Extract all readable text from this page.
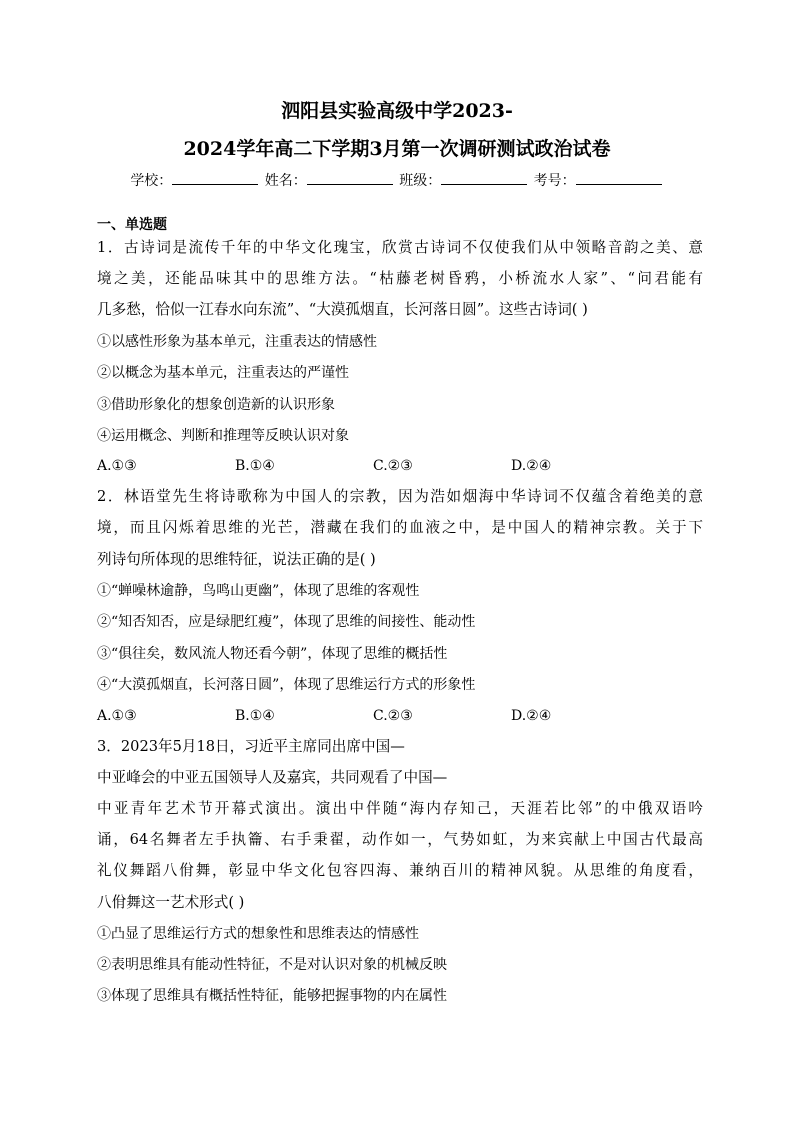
泗阳县实验高级中学2023-
2024学年高二下学期3月第一次调研测试政治试卷
学校：	姓名：	班级：	考号：
一、单选题
1．古诗词是流传千年的中华文化瑰宝，欣赏古诗词不仅使我们从中领略音韵之美、意
境之美，还能品味其中的思维方法。“枯藤老树昏鸦，小桥流水人家”、“问君能有
几多愁，恰似一江春水向东流”、“大漠孤烟直，长河落日圆”。这些古诗词( )
①以感性形象为基本单元，注重表达的情感性
②以概念为基本单元，注重表达的严谨性
③借助形象化的想象创造新的认识形象
④运用概念、判断和推理等反映认识对象
A.①③	B.①④	C.②③	D.②④
2．林语堂先生将诗歌称为中国人的宗教，因为浩如烟海中华诗词不仅蕴含着绝美的意
境，而且闪烁着思维的光芒，潜藏在我们的血液之中，是中国人的精神宗教。关于下
列诗句所体现的思维特征，说法正确的是( )
①“蝉噪林逾静，鸟鸣山更幽”，体现了思维的客观性
②“知否知否，应是绿肥红瘦”，体现了思维的间接性、能动性
③“俱往矣，数风流人物还看今朝”，体现了思维的概括性
④“大漠孤烟直，长河落日圆”，体现了思维运行方式的形象性
A.①③	B.①④	C.②③	D.②④
3．2023年5月18日，习近平主席同出席中国—
中亚峰会的中亚五国领导人及嘉宾，共同观看了中国—
中亚青年艺术节开幕式演出。演出中伴随“海内存知己，天涯若比邻”的中俄双语吟
诵，64名舞者左手执籥、右手秉翟，动作如一，气势如虹，为来宾献上中国古代最高
礼仪舞蹈八佾舞，彰显中华文化包容四海、兼纳百川的精神风貌。从思维的角度看，
八佾舞这一艺术形式( )
①凸显了思维运行方式的想象性和思维表达的情感性
②表明思维具有能动性特征，不是对认识对象的机械反映
③体现了思维具有概括性特征，能够把握事物的内在属性
